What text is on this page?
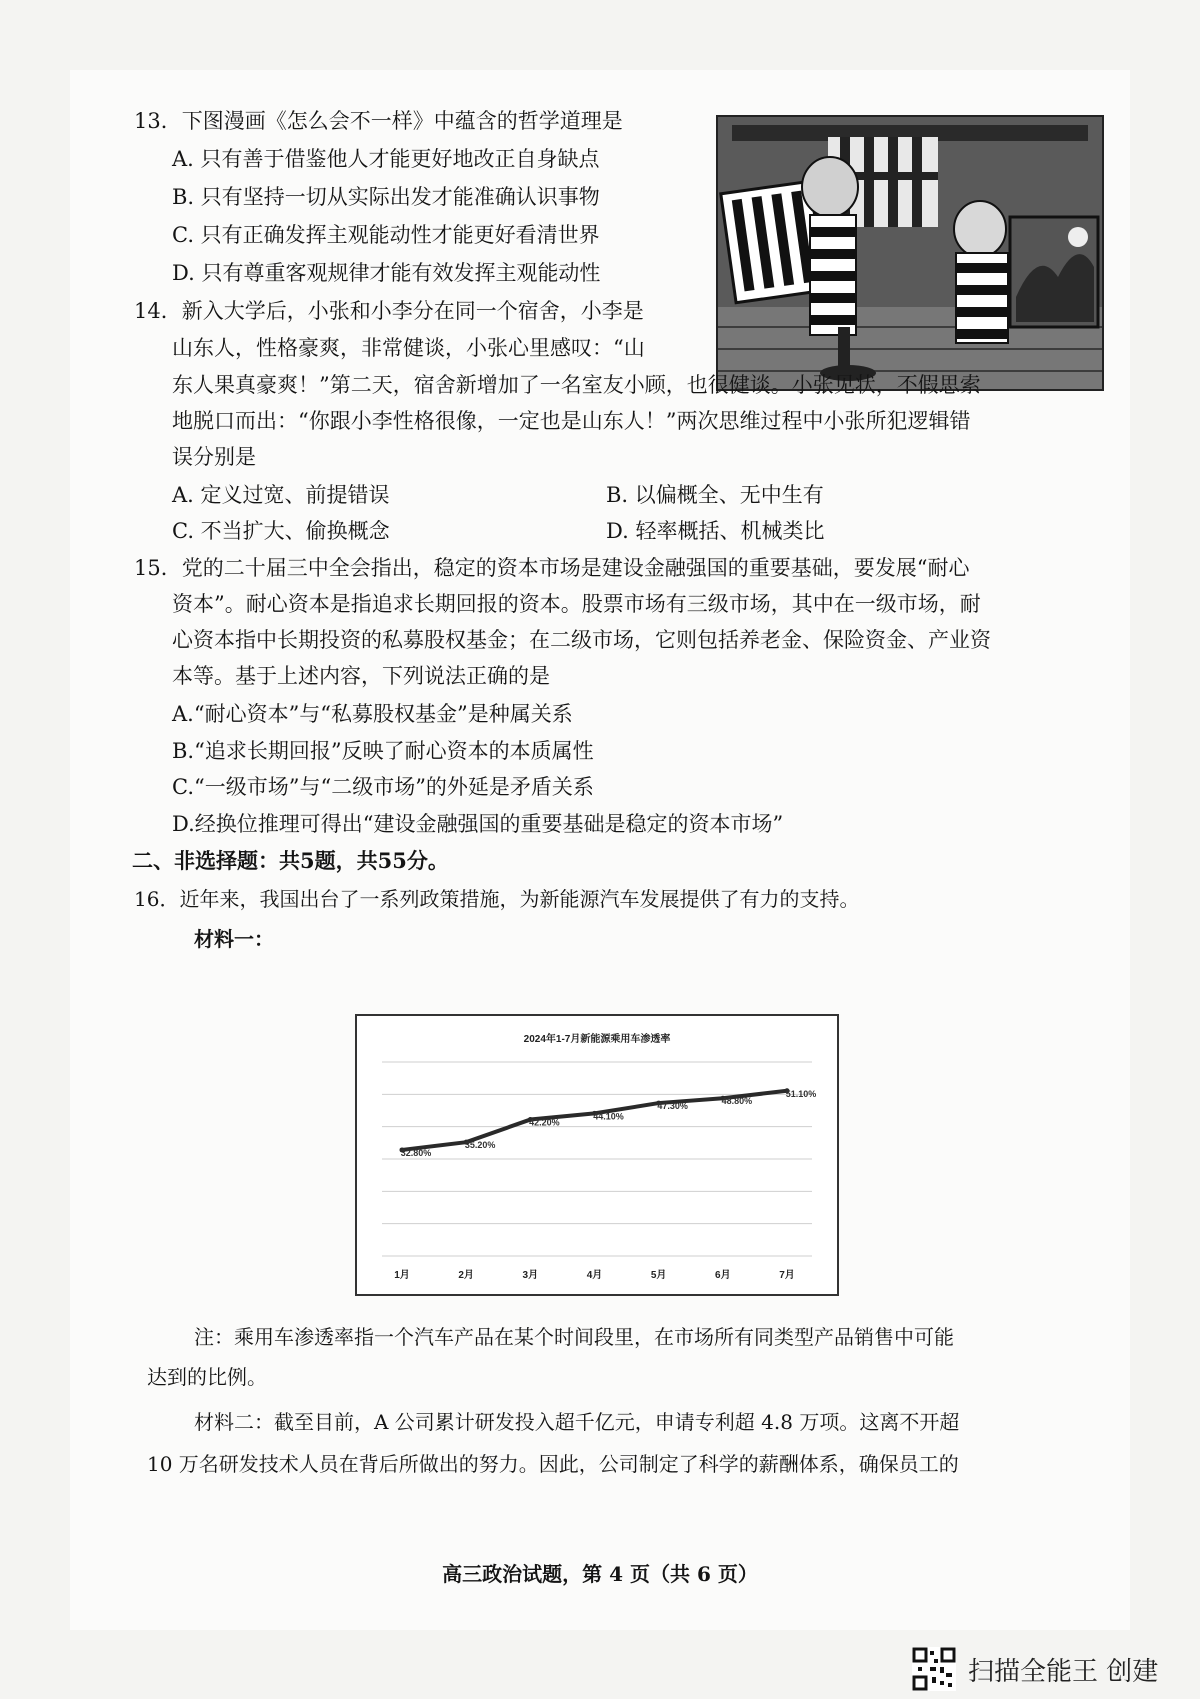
13．下图漫画《怎么会不一样》中蕴含的哲学道理是
A. 只有善于借鉴他人才能更好地改正自身缺点
B. 只有坚持一切从实际出发才能准确认识事物
C. 只有正确发挥主观能动性才能更好看清世界
D. 只有尊重客观规律才能有效发挥主观能动性
14．新入大学后，小张和小李分在同一个宿舍，小李是
山东人，性格豪爽，非常健谈，小张心里感叹：“山
东人果真豪爽！”第二天，宿舍新增加了一名室友小顾，也很健谈。小张见状，不假思索
地脱口而出：“你跟小李性格很像，一定也是山东人！”两次思维过程中小张所犯逻辑错
误分别是
A. 定义过宽、前提错误	B. 以偏概全、无中生有
C. 不当扩大、偷换概念	D. 轻率概括、机械类比
15．党的二十届三中全会指出，稳定的资本市场是建设金融强国的重要基础，要发展“耐心
资本”。耐心资本是指追求长期回报的资本。股票市场有三级市场，其中在一级市场，耐
心资本指中长期投资的私募股权基金；在二级市场，它则包括养老金、保险资金、产业资
本等。基于上述内容，下列说法正确的是
A.“耐心资本”与“私募股权基金”是种属关系
B.“追求长期回报”反映了耐心资本的本质属性
C.“一级市场”与“二级市场”的外延是矛盾关系
D.经换位推理可得出“建设金融强国的重要基础是稳定的资本市场”
二、非选择题：共5题，共55分。
16．近年来，我国出台了一系列政策措施，为新能源汽车发展提供了有力的支持。
材料一：
2024年1-7月新能源乘用车渗透率
32.80%
35.20%
42.20%
44.10%
47.30%	48.80%
51.10%
1月	2月	3月	4月	5月	6月	7月
注：乘用车渗透率指一个汽车产品在某个时间段里，在市场所有同类型产品销售中可能
达到的比例。
材料二：截至目前，A 公司累计研发投入超千亿元，申请专利超 4.8 万项。这离不开超
10 万名研发技术人员在背后所做出的努力。因此，公司制定了科学的薪酬体系，确保员工的
高三政治试题，第 4 页（共 6 页）
扫描全能王 创建
